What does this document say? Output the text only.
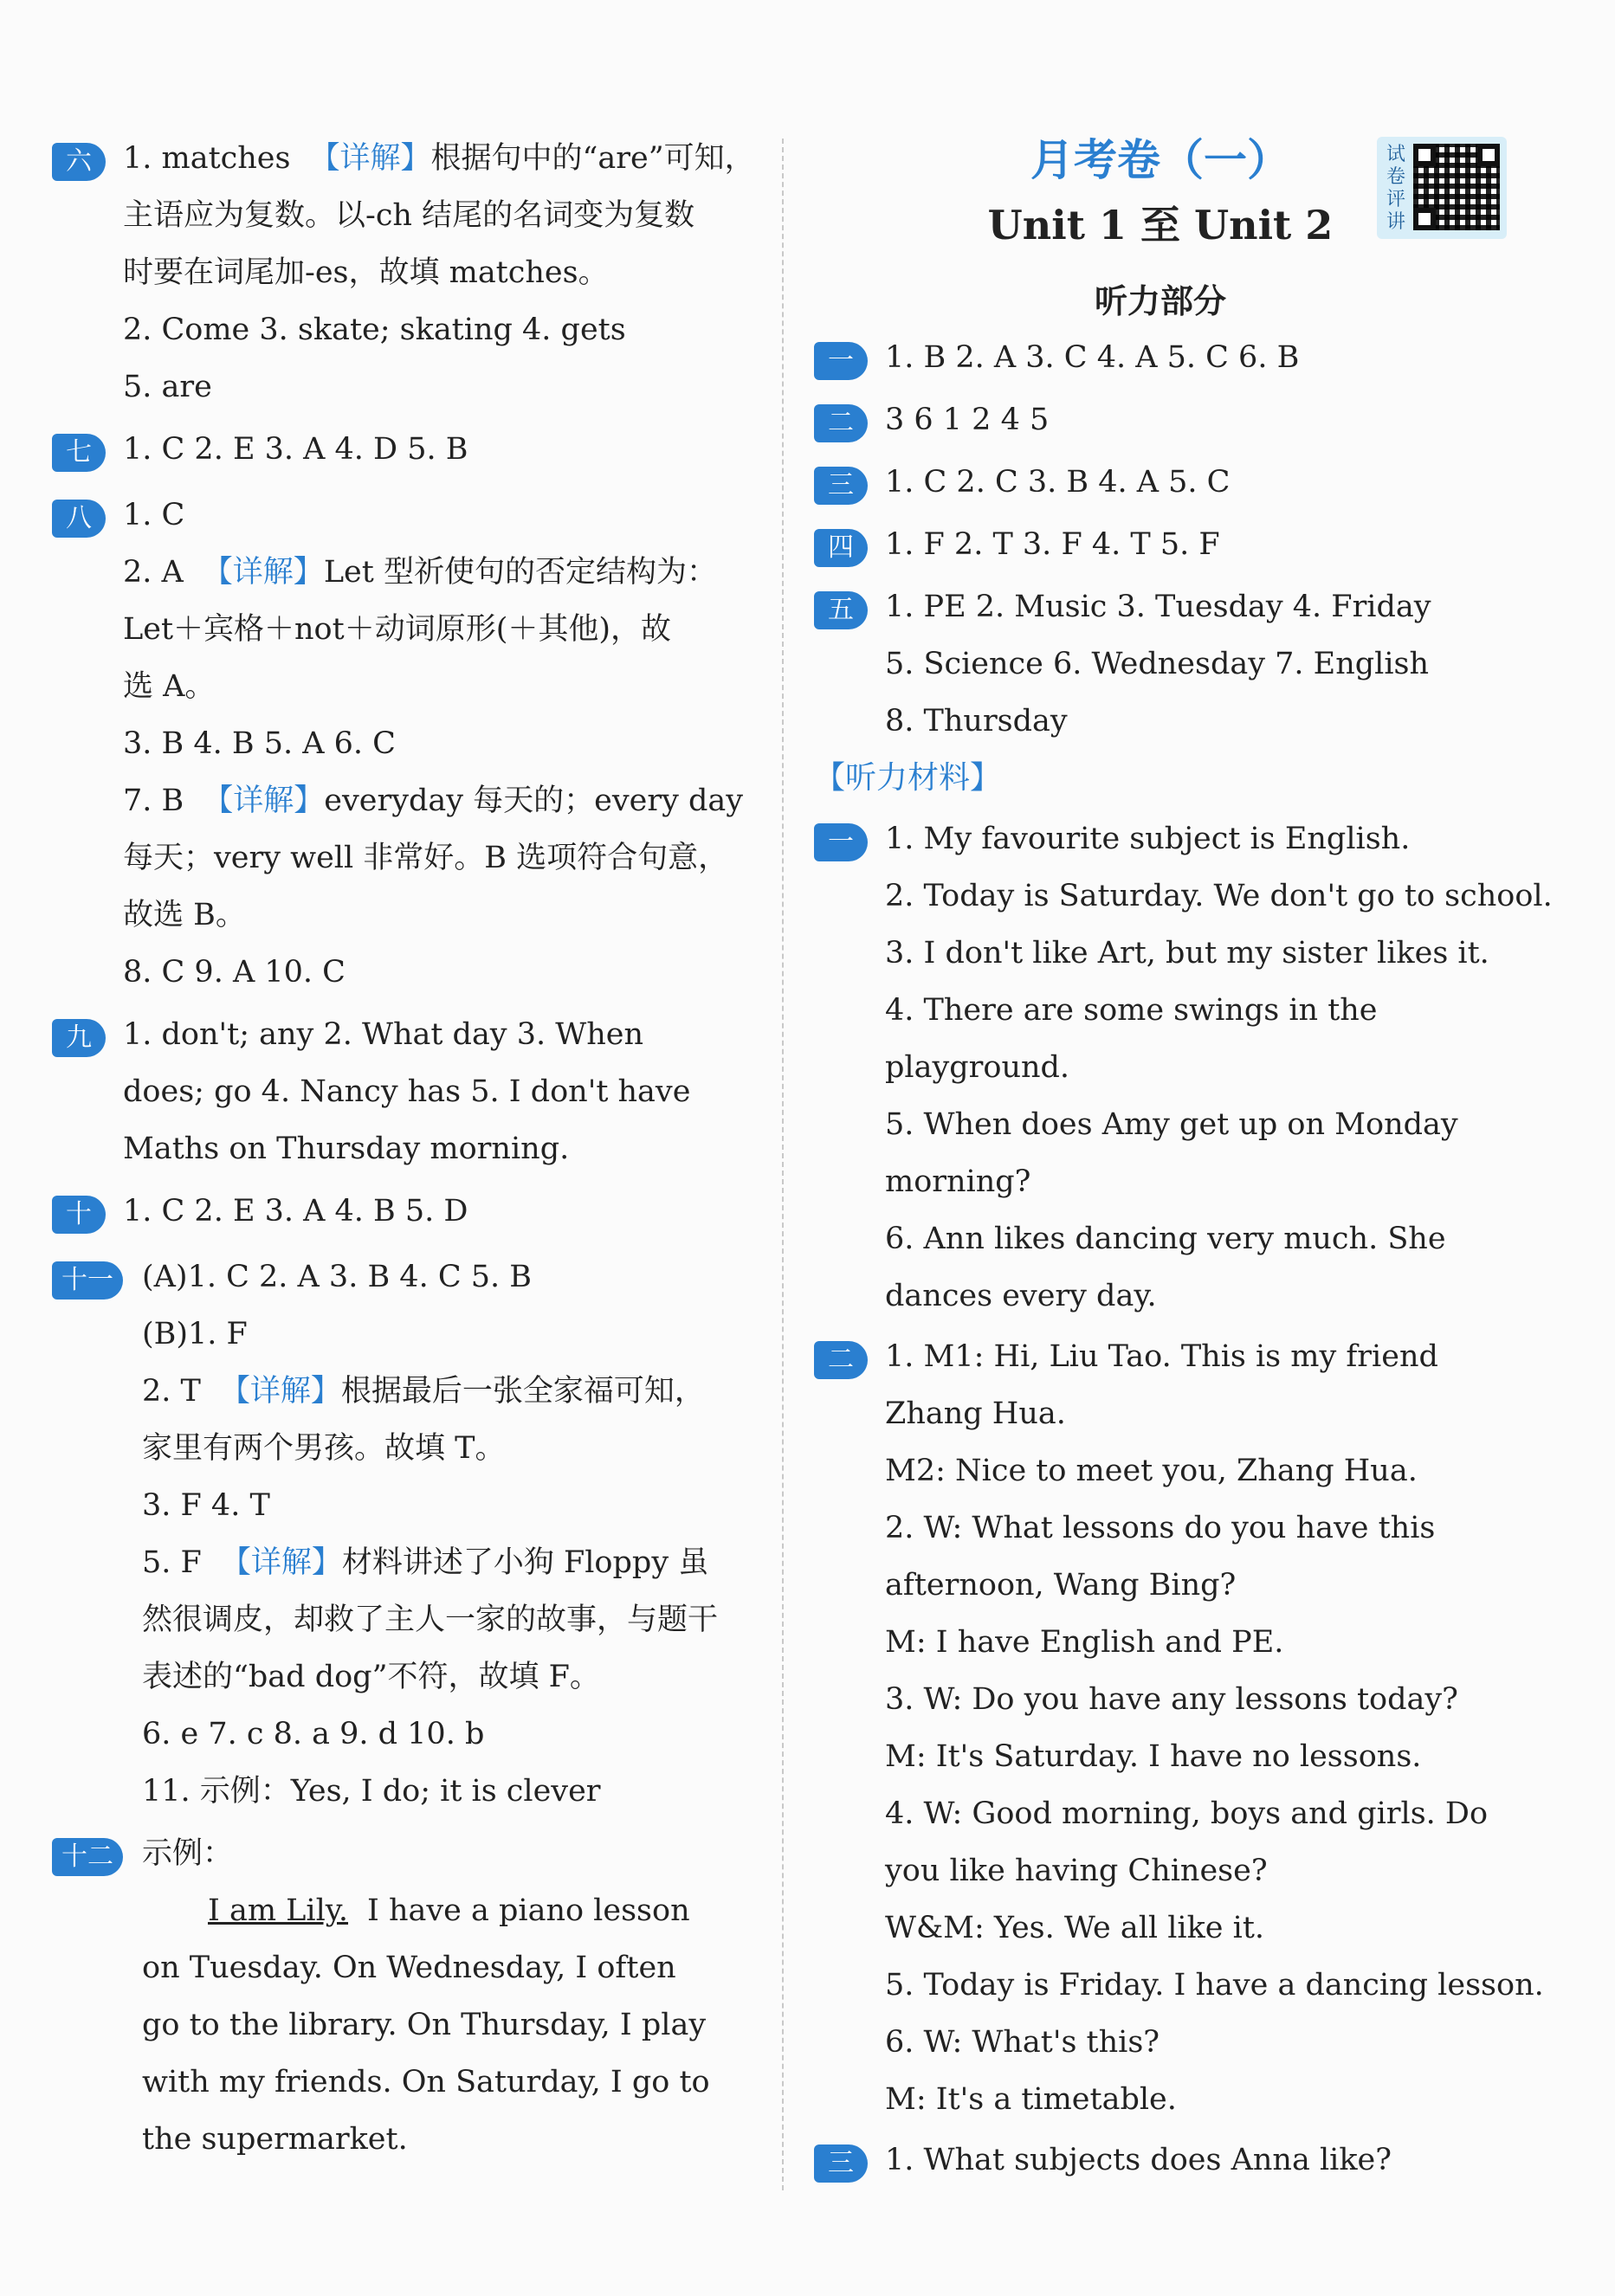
六	1. matches 【详解】根据句中的“are”可知，
主语应为复数。以-ch 结尾的名词变为复数
时要在词尾加-es，故填 matches。
2. Come 3. skate; skating 4. gets
5. are
七	1. C 2. E 3. A 4. D 5. B
八	1. C
2. A 【详解】Let 型祈使句的否定结构为：
Let＋宾格＋not＋动词原形(＋其他)，故
选 A。
3. B 4. B 5. A 6. C
7. B 【详解】everyday 每天的；every day
每天；very well 非常好。B 选项符合句意，
故选 B。
8. C 9. A 10. C
九	1. don't; any 2. What day 3. When
does; go 4. Nancy has 5. I don't have
Maths on Thursday morning.
十	1. C 2. E 3. A 4. B 5. D
十一 (A)1. C 2. A 3. B 4. C 5. B
(B)1. F
2. T 【详解】根据最后一张全家福可知，
家里有两个男孩。故填 T。
3. F 4. T
5. F 【详解】材料讲述了小狗 Floppy 虽
然很调皮，却救了主人一家的故事，与题干
表述的“bad dog”不符，故填 F。
6. e 7. c 8. a 9. d 10. b
11. 示例：Yes, I do; it is clever
十二 示例：
I am Lily. I have a piano lesson
on Tuesday. On Wednesday, I often
go to the library. On Thursday, I play
with my friends. On Saturday, I go to
the supermarket.
月考卷（一）
Unit 1 至 Unit 2
听力部分
试卷评讲
一	1. B 2. A 3. C 4. A 5. C 6. B
二	3 6 1 2 4 5
三	1. C 2. C 3. B 4. A 5. C
四	1. F 2. T 3. F 4. T 5. F
五	1. PE 2. Music 3. Tuesday 4. Friday
5. Science 6. Wednesday 7. English
8. Thursday
【听力材料】
一	1. My favourite subject is English.
2. Today is Saturday. We don't go to school.
3. I don't like Art, but my sister likes it.
4. There are some swings in the
playground.
5. When does Amy get up on Monday
morning?
6. Ann likes dancing very much. She
dances every day.
二	1. M1: Hi, Liu Tao. This is my friend
Zhang Hua.
M2: Nice to meet you, Zhang Hua.
2. W: What lessons do you have this
afternoon, Wang Bing?
M: I have English and PE.
3. W: Do you have any lessons today?
M: It's Saturday. I have no lessons.
4. W: Good morning, boys and girls. Do
you like having Chinese?
W&M: Yes. We all like it.
5. Today is Friday. I have a dancing lesson.
6. W: What's this?
M: It's a timetable.
三	1. What subjects does Anna like?
